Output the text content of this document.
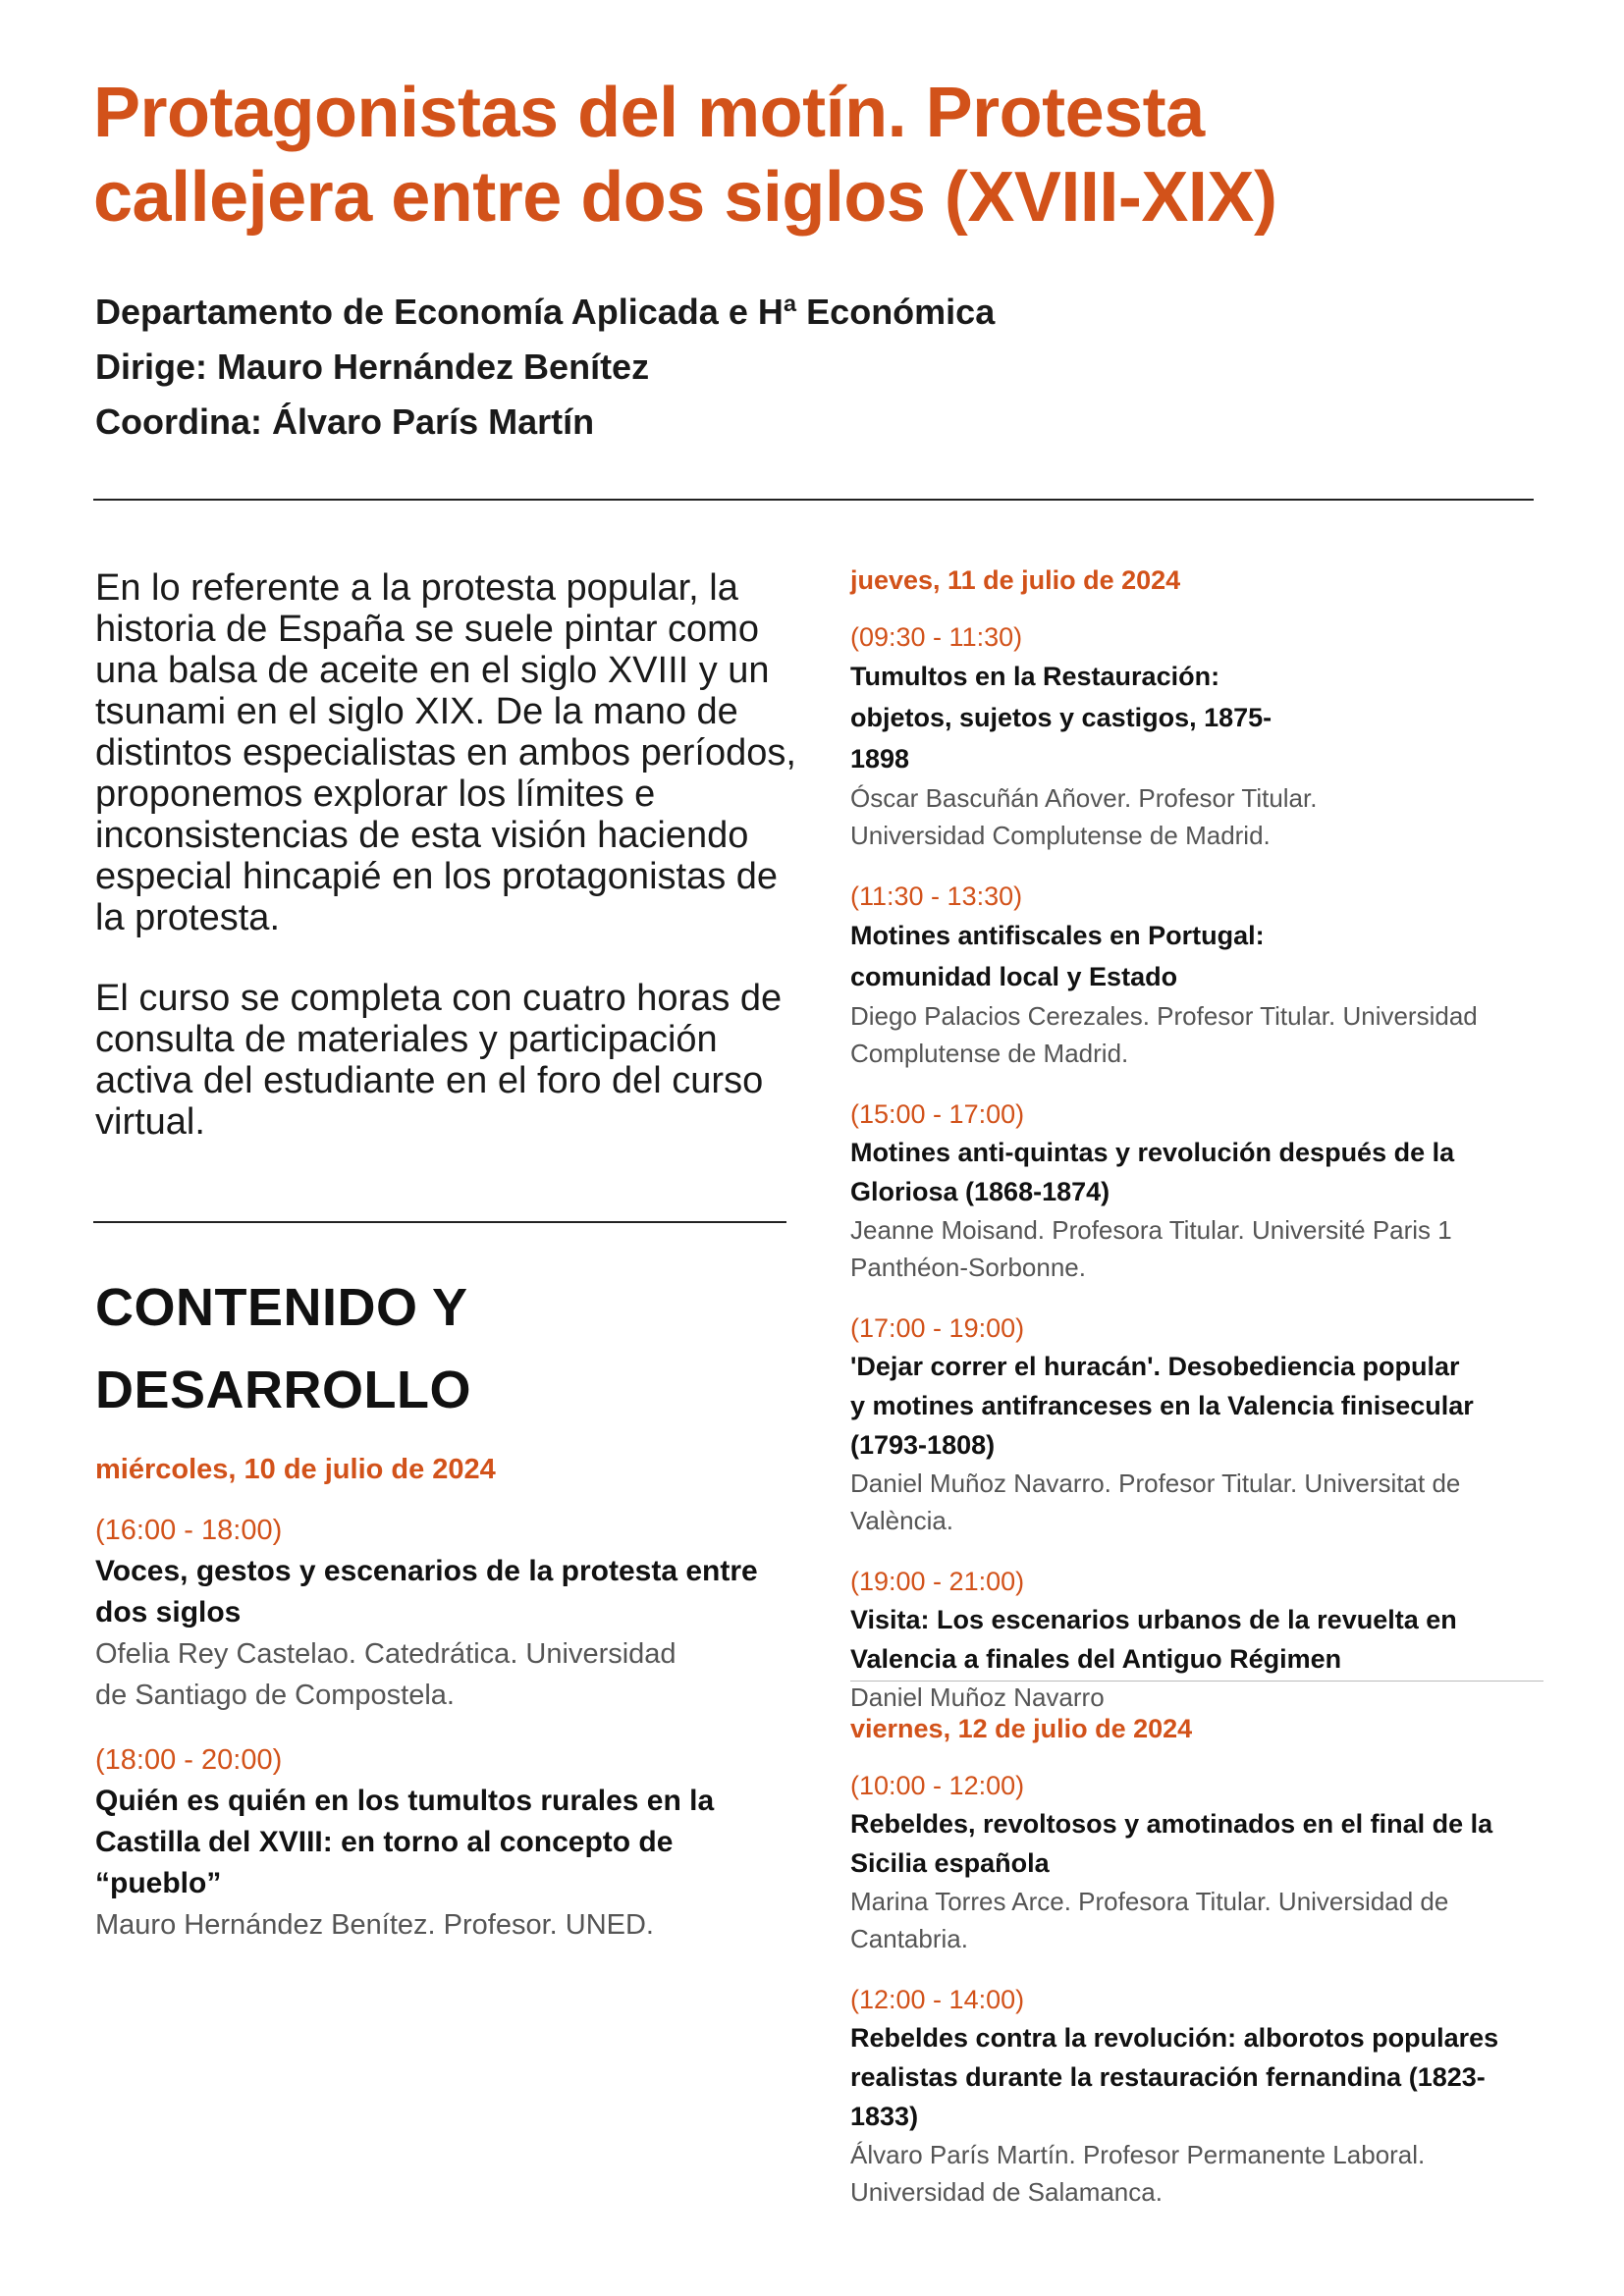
Protagonistas del motín. Protesta
callejera entre dos siglos (XVIII-XIX)
Departamento de Economía Aplicada e Hª Económica
Dirige: Mauro Hernández Benítez
Coordina: Álvaro París Martín

En lo referente a la protesta popular, la historia de España se suele pintar como una balsa de aceite en el siglo XVIII y un tsunami en el siglo XIX. De la mano de distintos especialistas en ambos períodos, proponemos explorar los límites e inconsistencias de esta visión haciendo especial hincapié en los protagonistas de la protesta.

El curso se completa con cuatro horas de consulta de materiales y participación activa del estudiante en el foro del curso virtual.

CONTENIDO Y
DESARROLLO
miércoles, 10 de julio de 2024
(16:00 - 18:00)
Voces, gestos y escenarios de la protesta entre dos siglos
Ofelia Rey Castelao. Catedrática. Universidad de Santiago de Compostela.
(18:00 - 20:00)
Quién es quién en los tumultos rurales en la Castilla del XVIII: en torno al concepto de “pueblo”
Mauro Hernández Benítez. Profesor. UNED.
jueves, 11 de julio de 2024
(09:30 - 11:30)
Tumultos en la Restauración: objetos, sujetos y castigos, 1875-1898
Óscar Bascuñán Añover. Profesor Titular. Universidad Complutense de Madrid.
(11:30 - 13:30)
Motines antifiscales en Portugal: comunidad local y Estado
Diego Palacios Cerezales. Profesor Titular. Universidad Complutense de Madrid.
(15:00 - 17:00)
Motines anti-quintas y revolución después de la Gloriosa (1868-1874)
Jeanne Moisand. Profesora Titular. Université Paris 1 Panthéon-Sorbonne.
(17:00 - 19:00)
'Dejar correr el huracán'. Desobediencia popular y motines antifranceses en la Valencia finisecular (1793-1808)
Daniel Muñoz Navarro. Profesor Titular. Universitat de València.
(19:00 - 21:00)
Visita: Los escenarios urbanos de la revuelta en Valencia a finales del Antiguo Régimen
Daniel Muñoz Navarro
viernes, 12 de julio de 2024
(10:00 - 12:00)
Rebeldes, revoltosos y amotinados en el final de la Sicilia española
Marina Torres Arce. Profesora Titular. Universidad de Cantabria.
(12:00 - 14:00)
Rebeldes contra la revolución: alborotos populares realistas durante la restauración fernandina (1823-1833)
Álvaro París Martín. Profesor Permanente Laboral. Universidad de Salamanca.
